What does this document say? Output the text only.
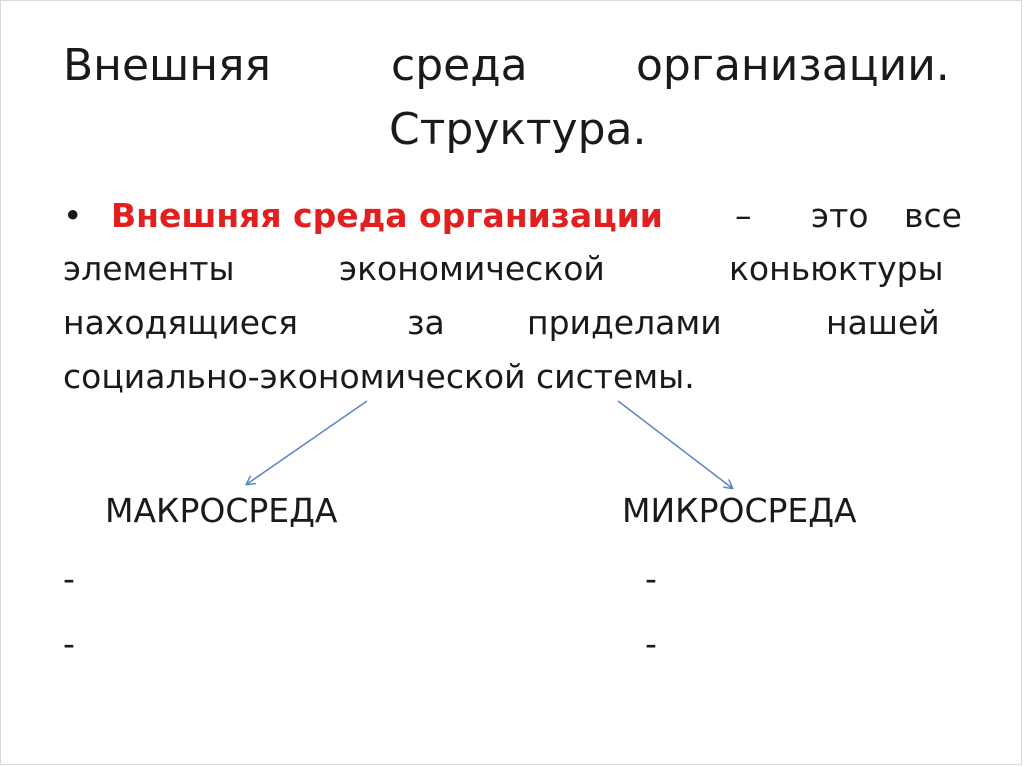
Внешняя	среда организации.
Структура.
• Внешняя среда организации – это все
элементы	экономической	коньюктуры
находящиеся	за приделами	нашей
социально-экономической системы.
МАКРОСРЕДА	МИКРОСРЕДА
-
-
-
-
